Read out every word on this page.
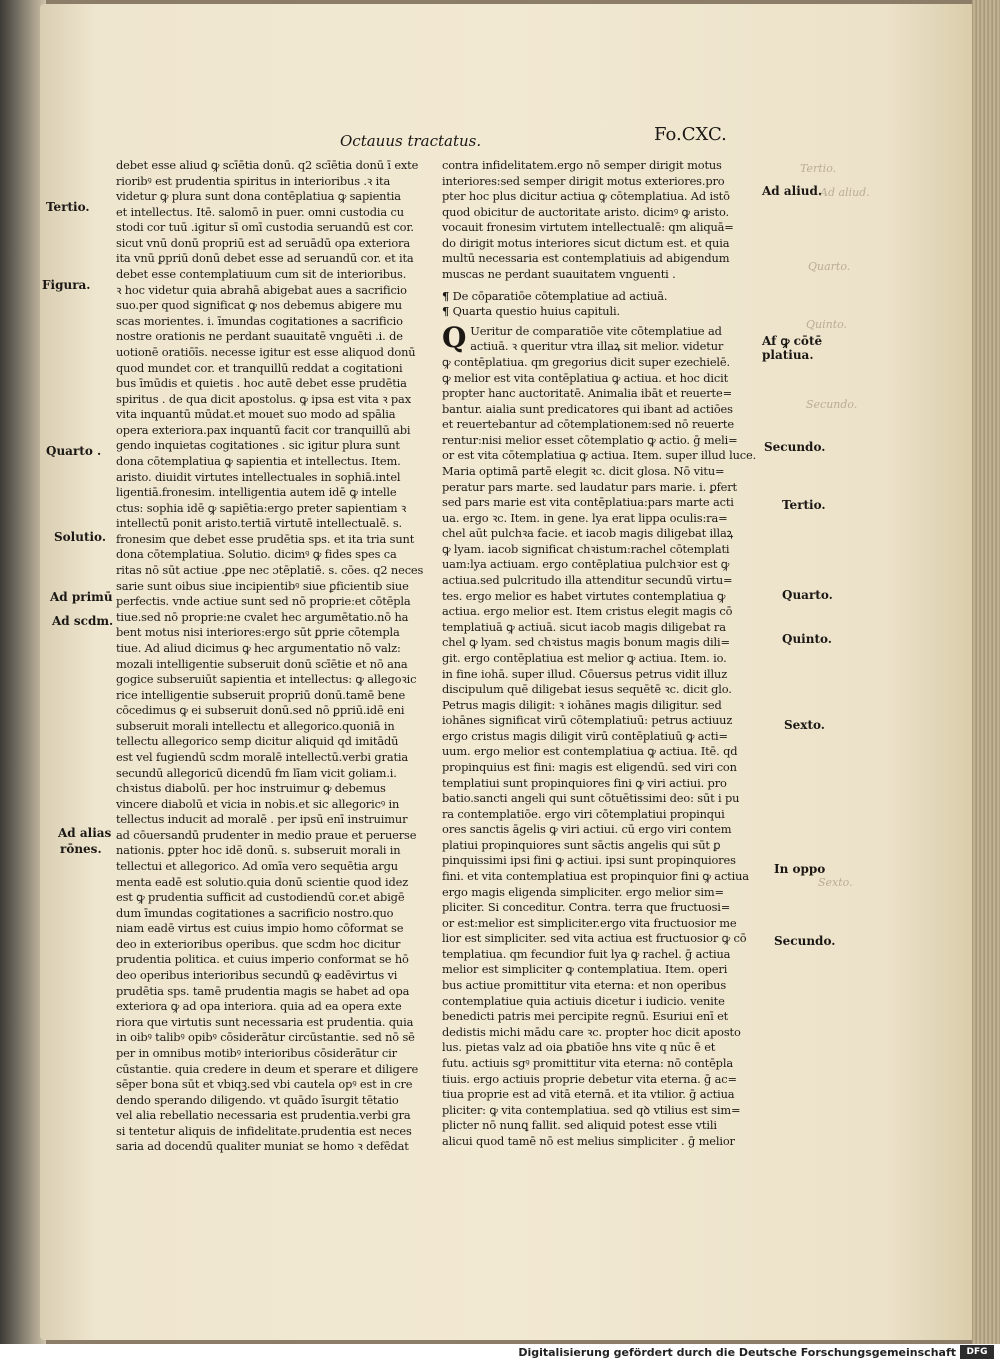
Tertio.
Ad aliud.
Quarto.
Quinto.
Secundo.
Sexto.
Octauus tractatus.	Fo.CXC.
Tertio.
Figura.
Quarto .
Solutio.
Ad primū
Ad scdm.
Ad alias
rōnes.
Ad aliud.
Af ꝙ cōtē
platiua.
Secundo.
Tertio.
Quarto.
Quinto.
Sexto.
In oppo
Secundo.

debet esse aliud ꝙ scīētia donū. q2 scīētia donū ī exte

rioribꝰ est prudentia spiritus in interioribus .ꝛ ita

videtur ꝙ plura sunt dona contēplatiua ꝙ sapientia

et intellectus. Itē. salomō in puer. omni custodia cu

stodi cor tuū .igitur sī omī custodia seruandū est cor.

sicut vnū donū propriū est ad seruādū opa exteriora

ita vnū ꝑpriū donū debet esse ad seruandū cor. et ita

debet esse contemplatiuum cum sit de interioribus.

ꝛ hoc videtur quia abrahā abigebat aues a sacrificio

suo.per quod significat ꝙ nos debemus abigere mu

scas morientes. i. īmundas cogitationes a sacrificio

nostre orationis ne perdant suauitatē vnguēti .i. de

uotionē oratiōīs. necesse igitur est esse aliquod donū

quod mundet cor. et tranquillū reddat a cogitationi

bus īmūdis et quietis . hoc autē debet esse prudētia

spiritus . de qua dicit apostolus. ꝙ ipsa est vita ꝛ pax

vita inquantū mūdat.et mouet suo modo ad spālia

opera exteriora.pax inquantū facit cor tranquillū abi

gendo inquietas cogitationes . sic igitur plura sunt

dona cōtemplatiua ꝙ sapientia et intellectus. Item.

aristo. diuidit virtutes intellectuales in sophiā.intel

ligentiā.fronesim. intelligentia autem idē ꝙ intelle

ctus: sophia idē ꝙ sapiētia:ergo preter sapientiam ꝛ

intellectū ponit aristo.tertiā virtutē intellectualē. s.

fronesim que debet esse prudētia sps. et ita tria sunt

dona cōtemplatiua. Solutio. dicimꝰ ꝙ fides spes ca

ritas nō sūt actiue .ꝑpe nec ɔtēplatiē. s. cōes. q2 neces

sarie sunt oibus siue incipientibꝰ siue ꝑficientib siue

perfectis. vnde actiue sunt sed nō proprie:et cōtēpla

tiue.sed nō proprie:ne cvalet hec argumētatio.nō ha

bent motus nisi interiores:ergo sūt ꝑprie cōtempla

tiue. Ad aliud dicimus ꝙ hec argumentatio nō valz:

mozali intelligentie subseruit donū scīētie et nō ana

gogice subseruiūt sapientia et intellectus: ꝙ allegoꝛic

rice intelligentie subseruit propriū donū.tamē bene

cōcedimus ꝙ ei subseruit donū.sed nō ꝑpriū.idē eni

subseruit morali intellectu et allegorico.quoniā in

tellectu allegorico semp dicitur aliquid qd imitādū

est vel fugiendū scdm moralē intellectū.verbi gratia

secundū allegoricū dicendū fm līam vicit goliam.i.

chꝛistus diabolū. per hoc instruimur ꝙ debemus

vincere diabolū et vicia in nobis.et sic allegoricꝰ in

tellectus inducit ad moralē . per ipsū enī instruimur

ad cōuersandū prudenter in medio praue et peruerse

nationis. ꝑpter hoc idē donū. s. subseruit morali in

tellectui et allegorico. Ad omīa vero sequētia argu

menta eadē est solutio.quia donū scientie quod idez

est ꝙ prudentia sufficit ad custodiendū cor.et abigē

dum īmundas cogitationes a sacrificio nostro.quo

niam eadē virtus est cuius impio homo cōformat se

deo in exterioribus operibus. que scdm hoc dicitur

prudentia politica. et cuius imperio conformat se hō

deo operibus interioribus secundū ꝙ eadēvirtus vi

prudētia sps. tamē prudentia magis se habet ad opa

exteriora ꝙ ad opa interiora. quia ad ea opera exte

riora que virtutis sunt necessaria est prudentia. quia

in oibꝰ talibꝰ opibꝰ cōsiderātur circūstantie. sed nō sē

per in omnibus motibꝰ interioribus cōsiderātur cir

cūstantie. quia credere in deum et sperare et diligere

sēper bona sūt et vbiqꝫ.sed vbi cautela opꝰ est in cre

dendo sperando diligendo. vt quādo īsurgit tētatio

vel alia rebellatio necessaria est prudentia.verbi gra

si tentetur aliquis de infidelitate.prudentia est neces

saria ad docendū qualiter muniat se homo ꝛ defēdat

contra infidelitatem.ergo nō semper dirigit motus

interiores:sed semper dirigit motus exteriores.pro

pter hoc plus dicitur actiua ꝙ cōtemplatiua. Ad istō

quod obicitur de auctoritate aristo. dicimꝰ ꝙ aristo.

vocauit fronesim virtutem intellectualē: qm aliquā=

do dirigit motus interiores sicut dictum est. et quia

multū necessaria est contemplatiuis ad abigendum

muscas ne perdant suauitatem vnguenti .

¶ De cōparatiōe cōtemplatiue ad actiuā.

¶ Quarta questio huius capituli.

Q Ueritur de comparatiōe vite cōtemplatiue ad

actiuā. ꝛ queritur vtra illaꝝ sit melior. videtur

ꝙ contēplatiua. qm gregorius dicit super ezechielē.

ꝙ melior est vita contēplatiua ꝙ actiua. et hoc dicit

propter hanc auctoritatē. Animalia ibāt et reuerte=

bantur. aialia sunt predicatores qui ibant ad actiōes

et reuertebantur ad cōtemplationem:sed nō reuerte

rentur:nisi melior esset cōtemplatio ꝙ actio. ḡ meli=

or est vita cōtemplatiua ꝙ actiua. Item. super illud luce.

Maria optimā partē elegit ꝛc. dicit glosa. Nō vitu=

peratur pars marte. sed laudatur pars marie. i. ꝑfert

sed pars marie est vita contēplatiua:pars marte acti

ua. ergo ꝛc. Item. in gene. lya erat lippa oculis:ra=

chel aūt pulchꝛa facie. et iacob magis diligebat illaꝝ

ꝙ lyam. iacob significat chꝛistum:rachel cōtemplati

uam:lya actiuam. ergo contēplatiua pulchꝛior est ꝙ

actiua.sed pulcritudo illa attenditur secundū virtu=

tes. ergo melior es habet virtutes contemplatiua ꝙ

actiua. ergo melior est. Item cristus elegit magis cō

templatiuā ꝙ actiuā. sicut iacob magis diligebat ra

chel ꝙ lyam. sed chꝛistus magis bonum magis dili=

git. ergo contēplatiua est melior ꝙ actiua. Item. io.

in fine iohā. super illud. Cōuersus petrus vidit illuz

discipulum quē diligebat iesus sequētē ꝛc. dicit glo.

Petrus magis diligit: ꝛ iohānes magis diligitur. sed

iohānes significat virū cōtemplatiuū: petrus actiuuz

ergo cristus magis diligit virū contēplatiuū ꝙ acti=

uum. ergo melior est contemplatiua ꝙ actiua. Itē. qd

propinquius est fini: magis est eligendū. sed viri con

templatiui sunt propinquiores fini ꝙ viri actiui. pro

batio.sancti angeli qui sunt cōtuētissimi deo: sūt i pu

ra contemplatiōe. ergo viri cōtemplatiui propinqui

ores sanctis āgelis ꝙ viri actiui. cū ergo viri contem

platiui propinquiores sunt sāctis angelis qui sūt ꝑ

pinquissimi ipsi fini ꝙ actiui. ipsi sunt propinquiores

fini. et vita contemplatiua est propinquior fini ꝙ actiua

ergo magis eligenda simpliciter. ergo melior sim=

pliciter. Si conceditur. Contra. terra que fructuosi=

or est:melior est simpliciter.ergo vita fructuosior me

lior est simpliciter. sed vita actiua est fructuosior ꝙ cō

templatiua. qm fecundior fuit lya ꝙ rachel. ḡ actiua

melior est simpliciter ꝙ contemplatiua. Item. operi

bus actiue promittitur vita eterna: et non operibus

contemplatiue quia actiuis dicetur i iudicio. venite

benedicti patris mei percipite regnū. Esuriui enī et

dedistis michi mādu care ꝛc. propter hoc dicit aposto

lus. pietas valz ad oia ꝑbatiōe hns vite q nūc ē et

futu. actiuis sgꝰ promittitur vita eterna: nō contēpla

tiuis. ergo actiuis proprie debetur vita eterna. ḡ ac=

tiua proprie est ad vitā eternā. et ita vtilior. ḡ actiua

pliciter: ꝙ vita contemplatiua. sed qꝺ vtilius est sim=

plicter nō nunꝗ fallit. sed aliquid potest esse vtili

alicui quod tamē nō est melius simpliciter . ḡ melior

Digitalisierung gefördert durch die Deutsche Forschungsgemeinschaft	DFG
